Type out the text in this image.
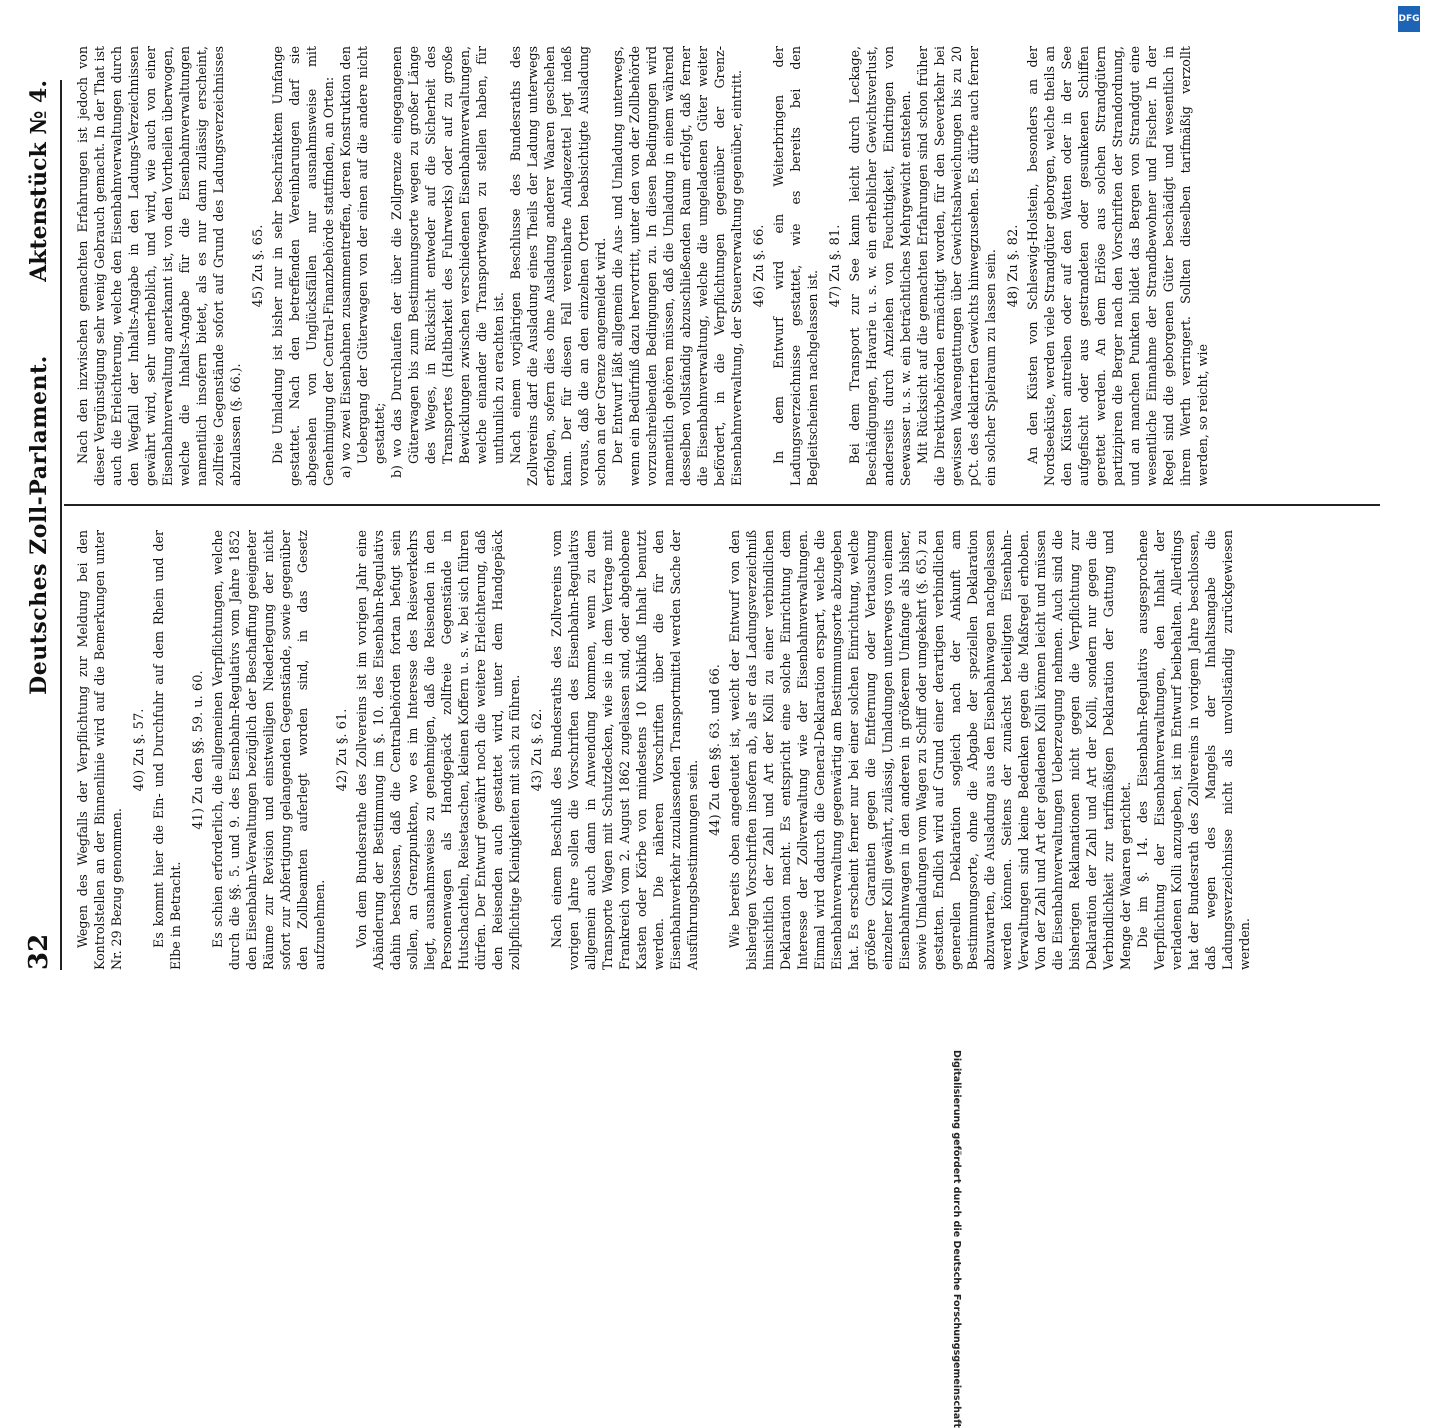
32
Deutsches Zoll-Parlament.
Aktenstück № 4.

Wegen des Wegfalls der Verpflichtung zur Meldung bei den Kontrolstellen an der Binnenlinie wird auf die Bemerkungen unter Nr. 29 Bezug genommen.

40) Zu §. 57. Es kommt hier die Ein- und Durchfuhr auf dem Rhein und der Elbe in Betracht.

41) Zu den §§. 59. u. 60. Es schien erforderlich, die allgemeinen Verpflichtungen, welche durch die §§. 5. und 9. des Eisenbahn-Regulativs vom Jahre 1852 den Eisenbahn-Verwaltungen bezüglich der Beschaffung geeigneter Räume zur Revision und einstweiligen Niederlegung der nicht sofort zur Abfertigung gelangenden Gegenstände, sowie gegenüber den Zollbeamten auferlegt worden sind, in das Gesetz aufzunehmen.

42) Zu §. 61. Von dem Bundesrathe des Zollvereins ist im vorigen Jahr eine Abänderung der Bestimmung im §. 10. des Eisenbahn-Regulativs dahin beschlossen, daß die Centralbehörden fortan befugt sein sollen, an Grenzpunkten, wo es im Interesse des Reiseverkehrs liegt, ausnahmsweise zu genehmigen, daß die Reisenden in den Personenwagen als Handgepäck zollfreie Gegenstände in Hutschachteln, Reisetaschen, kleinen Koffern u. s. w. bei sich führen dürfen. Der Entwurf gewährt noch die weitere Erleichterung, daß den Reisenden auch gestattet wird, unter dem Handgepäck zollpflichtige Kleinigkeiten mit sich zu führen. 43) Zu §. 62. Nach einem Beschluß des Bundesraths des Zollvereins vom vorigen Jahre sollen die Vorschriften des Eisenbahn-Regulativs allgemein auch dann in Anwendung kommen, wenn zu dem Transporte Wagen mit Schutzdecken, wie sie in dem Vertrage mit Frankreich vom 2. August 1862 zugelassen sind, oder abgehobene Kasten oder Körbe von mindestens 10 Kubikfuß Inhalt benutzt werden. Die näheren Vorschriften über die für den Eisenbahnverkehr zuzulassenden Transportmittel werden Sache der Ausführungsbestimmungen sein.

44) Zu den §§. 63. und 66. Wie bereits oben angedeutet ist, weicht der Entwurf von den bisherigen Vorschriften insofern ab, als er das Ladungsverzeichniß hinsichtlich der Zahl und Art der Kolli zu einer verbindlichen Deklaration macht. Es entspricht eine solche Einrichtung dem Interesse der Zollverwaltung wie der Eisenbahnverwaltungen. Einmal wird dadurch die General-Deklaration erspart, welche die Eisenbahnverwaltung gegenwärtig am Bestimmungsorte abzugeben hat. Es erscheint ferner nur bei einer solchen Einrichtung, welche größere Garantien gegen die Entfernung oder Vertauschung einzelner Kolli gewährt, zulässig, Umladungen unterwegs von einem Eisenbahnwagen in den anderen in größerem Umfange als bisher, sowie Umladungen vom Wagen zu Schiff oder umgekehrt (§. 65.) zu gestatten. Endlich wird auf Grund einer derartigen verbindlichen generellen Deklaration sogleich nach der Ankunft am Bestimmungsorte, ohne die Abgabe der speziellen Deklaration abzuwarten, die Ausladung aus den Eisenbahnwagen nachgelassen werden können. Seitens der zunächst beteiligten Eisenbahn-Verwaltungen sind keine Bedenken gegen die Maßregel erhoben. Von der Zahl und Art der geladenen Kolli können leicht und müssen die Eisenbahnverwaltungen Ueberzeugung nehmen. Auch sind die bisherigen Reklamationen nicht gegen die Verpflichtung zur Deklaration der Zahl und Art der Kolli, sondern nur gegen die Verbindlichkeit zur tarifmäßigen Deklaration der Gattung und Menge der Waaren gerichtet. Die im §. 14. des Eisenbahn-Regulativs ausgesprochene Verpflichtung der Eisenbahnverwaltungen, den Inhalt der verladenen Kolli anzugeben, ist im Entwurf beibehalten. Allerdings hat der Bundesrath des Zollvereins in vorigem Jahre beschlossen, daß wegen des Mangels der Inhaltsangabe die Ladungsverzeichnisse nicht als unvollständig zurückgewiesen werden.

Nach den inzwischen gemachten Erfahrungen ist jedoch von dieser Vergünstigung sehr wenig Gebrauch gemacht. In der That ist auch die Erleichterung, welche den Eisenbahnverwaltungen durch den Wegfall der Inhalts-Angabe in den Ladungs-Verzeichnissen gewährt wird, sehr unerheblich, und wird, wie auch von einer Eisenbahnverwaltung anerkannt ist, von den Vortheilen überwogen, welche die Inhalts-Angabe für die Eisenbahnverwaltungen namentlich insofern bietet, als es nur dann zulässig erscheint, zollfreie Gegenstände sofort auf Grund des Ladungsverzeichnisses abzulassen (§. 66.).

45) Zu §. 65. Die Umladung ist bisher nur in sehr beschränktem Umfange gestattet. Nach den betreffenden Vereinbarungen darf sie abgesehen von Unglücksfällen nur ausnahmsweise mit Genehmigung der Central-Finanzbehörde stattfinden, an Orten: a) wo zwei Eisenbahnen zusammentreffen, deren Konstruktion den Uebergang der Güterwagen von der einen auf die andere nicht gestattet; b) wo das Durchlaufen der über die Zollgrenze eingegangenen Güterwagen bis zum Bestimmungsorte wegen zu großer Länge des Weges, in Rücksicht entweder auf die Sicherheit des Transportes (Haltbarkeit des Fuhrwerks) oder auf zu große Bewicklungen zwischen verschiedenen Eisenbahnverwaltungen, welche einander die Transportwagen zu stellen haben, für unthunlich zu erachten ist. Nach einem vorjährigen Beschlusse des Bundesraths des Zollvereins darf die Ausladung eines Theils der Ladung unterwegs erfolgen, sofern dies ohne Ausladung anderer Waaren geschehen kann. Der für diesen Fall vereinbarte Anlagezettel legt indeß voraus, daß die an den einzelnen Orten beabsichtigte Ausladung schon an der Grenze angemeldet wird. Der Entwurf läßt allgemein die Aus- und Umladung unterwegs, wenn ein Bedürfniß dazu hervortritt, unter den von der Zollbehörde vorzuschreibenden Bedingungen zu. In diesen Bedingungen wird namentlich gehören müssen, daß die Umladung in einem während desselben vollständig abzuschließenden Raum erfolgt, daß ferner die Eisenbahnverwaltung, welche die umgeladenen Güter weiter befördert, in die Verpflichtungen gegenüber der Grenz-Eisenbahnverwaltung, der Steuerverwaltung gegenüber, eintritt. 46) Zu §. 66. In dem Entwurf wird ein Weiterbringen der Ladungsverzeichnisse gestattet, wie es bereits bei den Begleitscheinen nachgelassen ist.

47) Zu §. 81. Bei dem Transport zur See kann leicht durch Leckage, Beschädigungen, Havarie u. s. w. ein erheblicher Gewichtsverlust, anderseits durch Anziehen von Feuchtigkeit, Eindringen von Seewasser u. s. w. ein beträchtliches Mehrgewicht entstehen. Mit Rücksicht auf die gemachten Erfahrungen sind schon früher die Direktivbehörden ermächtigt worden, für den Seeverkehr bei gewissen Waarengattungen über Gewichtsabweichungen bis zu 20 pCt. des deklarirten Gewichts hinwegzusehen. Es dürfte auch ferner ein solcher Spielraum zu lassen sein. 48) Zu §. 82. An den Küsten von Schleswig-Holstein, besonders an der Nordseeküste, werden viele Strandgüter geborgen, welche theils an den Küsten antreiben oder auf den Watten oder in der See aufgefischt oder aus gestrandeten oder gesunkenen Schiffen gerettet werden. An dem Erlöse aus solchen Strandgütern partizipiren die Berger nach den Vorschriften der Strandordnung, und an manchen Punkten bildet das Bergen von Strandgut eine wesentliche Einnahme der Strandbewohner und Fischer. In der Regel sind die geborgenen Güter beschädigt und wesentlich in ihrem Werth verringert. Sollten dieselben tarifmäßig verzollt werden, so reicht, wie

Digitalisierung gefördert durch die Deutsche Forschungsgemeinschaft
DFG
